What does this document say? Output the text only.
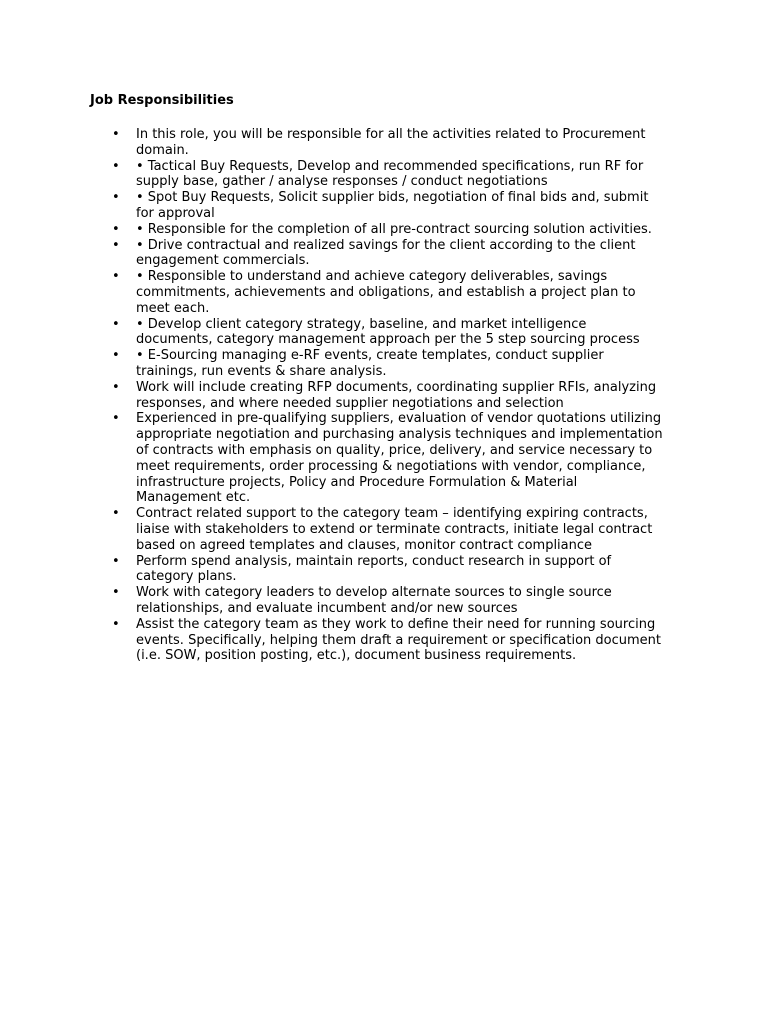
Job Responsibilities
• In this role, you will be responsible for all the activities related to Procurement domain.
• • Tactical Buy Requests, Develop and recommended specifications, run RF for supply base, gather / analyse responses / conduct negotiations
• • Spot Buy Requests, Solicit supplier bids, negotiation of final bids and, submit for approval
• • Responsible for the completion of all pre-contract sourcing solution activities.
• • Drive contractual and realized savings for the client according to the client engagement commercials.
• • Responsible to understand and achieve category deliverables, savings commitments, achievements and obligations, and establish a project plan to meet each.
• • Develop client category strategy, baseline, and market intelligence documents, category management approach per the 5 step sourcing process
• • E-Sourcing managing e-RF events, create templates, conduct supplier trainings, run events & share analysis.
• Work will include creating RFP documents, coordinating supplier RFIs, analyzing responses, and where needed supplier negotiations and selection
• Experienced in pre-qualifying suppliers, evaluation of vendor quotations utilizing appropriate negotiation and purchasing analysis techniques and implementation of contracts with emphasis on quality, price, delivery, and service necessary to meet requirements, order processing & negotiations with vendor, compliance, infrastructure projects, Policy and Procedure Formulation & Material Management etc.
• Contract related support to the category team – identifying expiring contracts, liaise with stakeholders to extend or terminate contracts, initiate legal contract based on agreed templates and clauses, monitor contract compliance
• Perform spend analysis, maintain reports, conduct research in support of category plans.
• Work with category leaders to develop alternate sources to single source relationships, and evaluate incumbent and/or new sources
• Assist the category team as they work to define their need for running sourcing events. Specifically, helping them draft a requirement or specification document (i.e. SOW, position posting, etc.), document business requirements.
